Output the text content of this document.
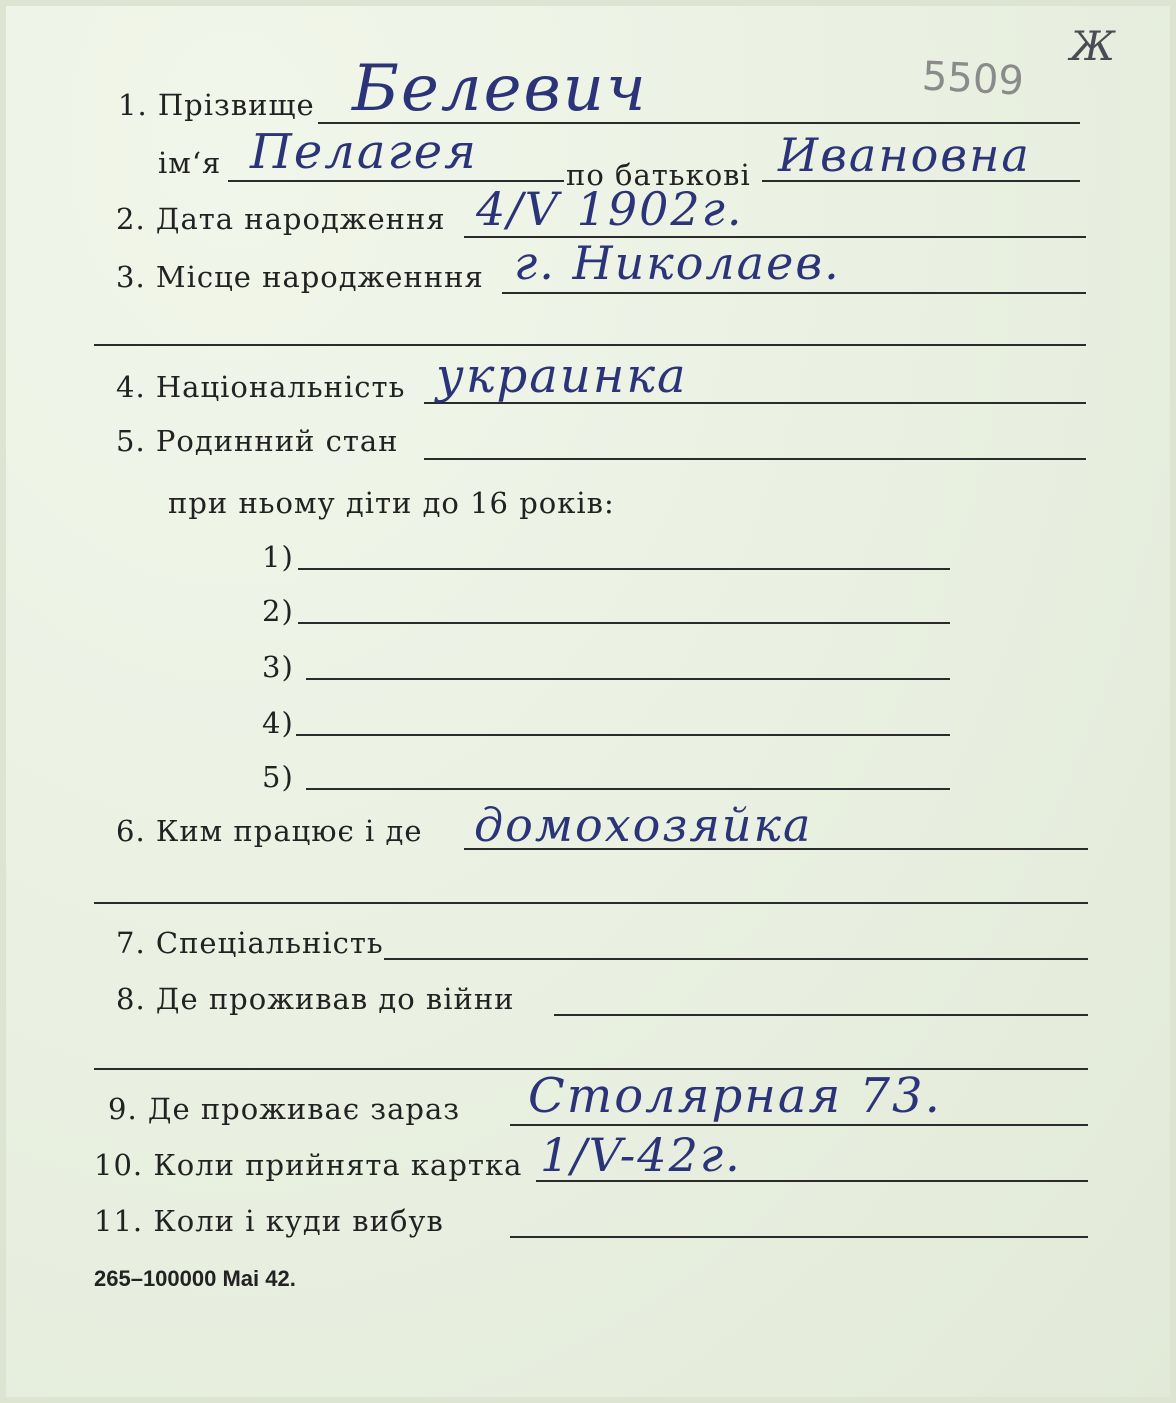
5509
Ж
1. Прізвище Белевич
ім‘я Пелагея	по батькові Ивановна
2. Дата народження 4/V 1902г.
3. Місце народженння г. Николаев.
4. Національність украинка
5. Родинний стан
при ньому діти до 16 років:
1)
2)
3)
4)
5)
6. Ким працює і де домохозяйка
7. Спеціальність
8. Де проживав до війни
9. Де проживає зараз Столярная 73.
10. Коли прийнята картка 1/V-42г.
11. Коли і куди вибув
265–100000 Mai 42.
